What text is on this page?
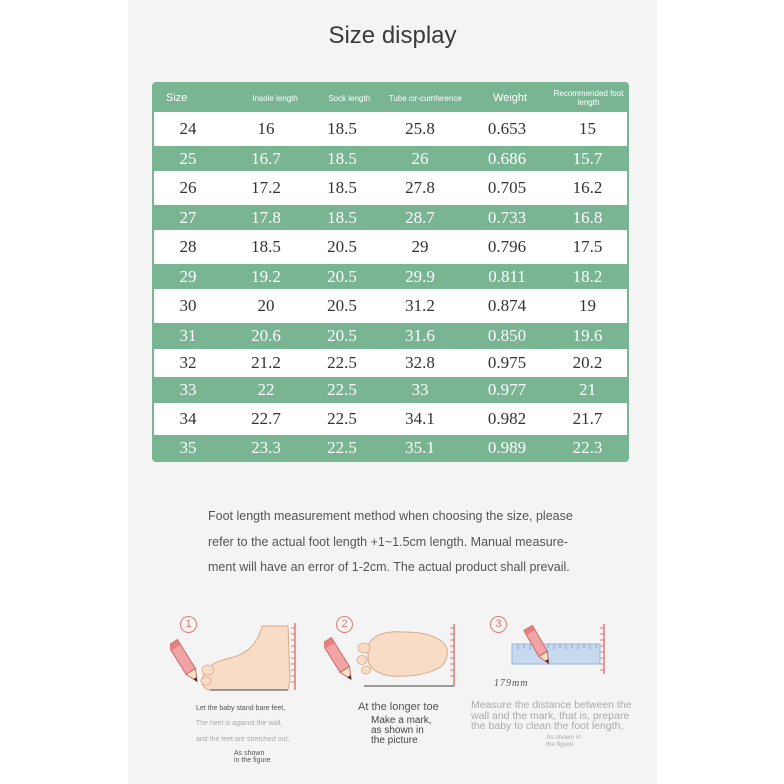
Size display
Size	Insole length	Sock length	Tube cir-cumference	Weight	Recommended foot length
24	16	18.5	25.8	0.653	15
25	16.7	18.5	26	0.686	15.7
26	17.2	18.5	27.8	0.705	16.2
27	17.8	18.5	28.7	0.733	16.8
28	18.5	20.5	29	0.796	17.5
29	19.2	20.5	29.9	0.811	18.2
30	20	20.5	31.2	0.874	19
31	20.6	20.5	31.6	0.850	19.6
32	21.2	22.5	32.8	0.975	20.2
33	22	22.5	33	0.977	21
34	22.7	22.5	34.1	0.982	21.7
35	23.3	22.5	35.1	0.989	22.3
Foot length measurement method when choosing the size, please
refer to the actual foot length +1~1.5cm length. Manual measure-
ment will have an error of 1-2cm. The actual product shall prevail.
1
Let the baby stand bare feet,
The heel is against the wall,
and the feet are stretched out,
As shown
in the figure
2
At the longer toe
Make a mark,
as shown in
the picture
3
179mm
Measure the distance between the
wall and the mark, that is, prepare
the baby to clean the foot length,
As shown in
the figure
